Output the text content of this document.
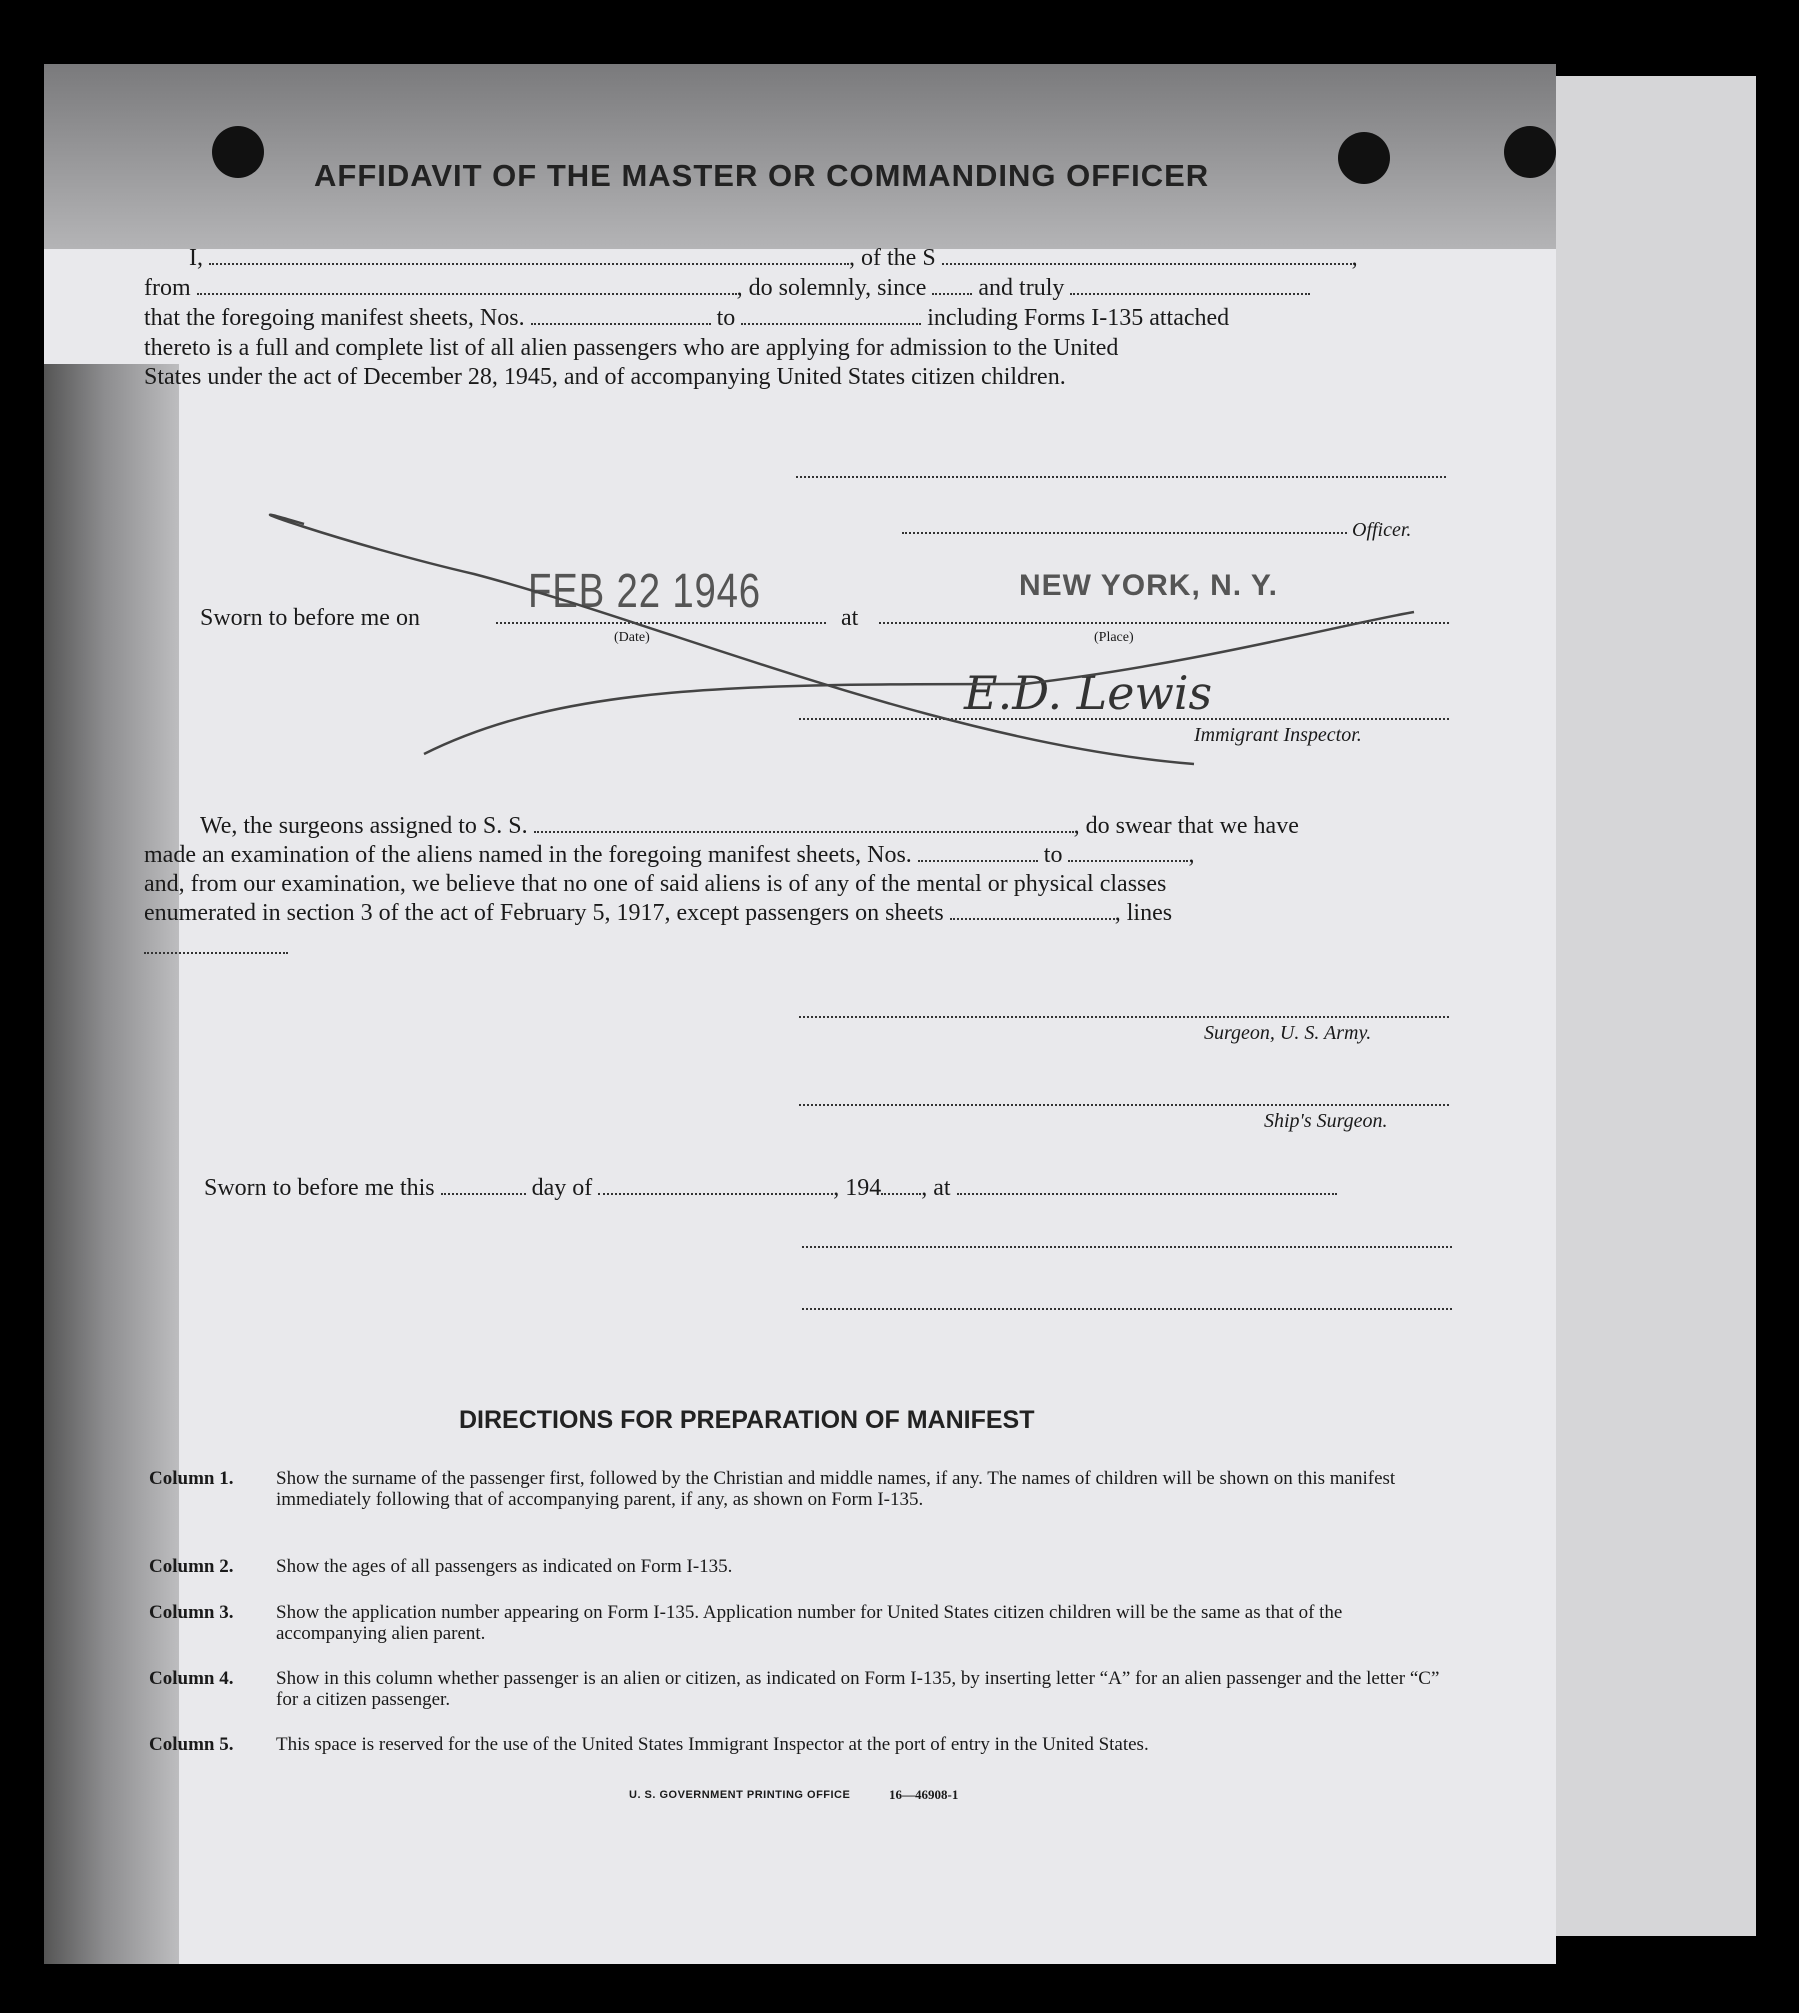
AFFIDAVIT OF THE MASTER OR COMMANDING OFFICER
I,	, of the S	,
from	, do solemnly, since and truly
that the foregoing manifest sheets, Nos.	to	including Forms I-135 attached
thereto is a full and complete list of all alien passengers who are applying for admission to the United
States under the act of December 28, 1945, and of accompanying United States citizen children.
Officer.
Sworn to before me on FEB 22 1946
(Date)
at
NEW YORK, N. Y.
(Place)
E.D. Lewis
Immigrant Inspector.
We, the surgeons assigned to S. S.	, do swear that we have
made an examination of the aliens named in the foregoing manifest sheets, Nos.	to	,
and, from our examination, we believe that no one of said aliens is of any of the mental or physical classes
enumerated in section 3 of the act of February 5, 1917, except passengers on sheets	, lines
Surgeon, U. S. Army.
Ship's Surgeon.
Sworn to before me this	day of	, 194 , at
DIRECTIONS FOR PREPARATION OF MANIFEST
Column 1. Show the surname of the passenger first, followed by the Christian and middle names, if any. The names of children will be shown on this manifest immediately following that of accompanying parent, if any, as shown on Form I-135.
Column 2. Show the ages of all passengers as indicated on Form I-135.
Column 3. Show the application number appearing on Form I-135. Application number for United States citizen children will be the same as that of the accompanying alien parent.
Column 4. Show in this column whether passenger is an alien or citizen, as indicated on Form I-135, by inserting letter “A” for an alien passenger and the letter “C” for a citizen passenger.
Column 5. This space is reserved for the use of the United States Immigrant Inspector at the port of entry in the United States.
U. S. GOVERNMENT PRINTING OFFICE	16—46908-1
